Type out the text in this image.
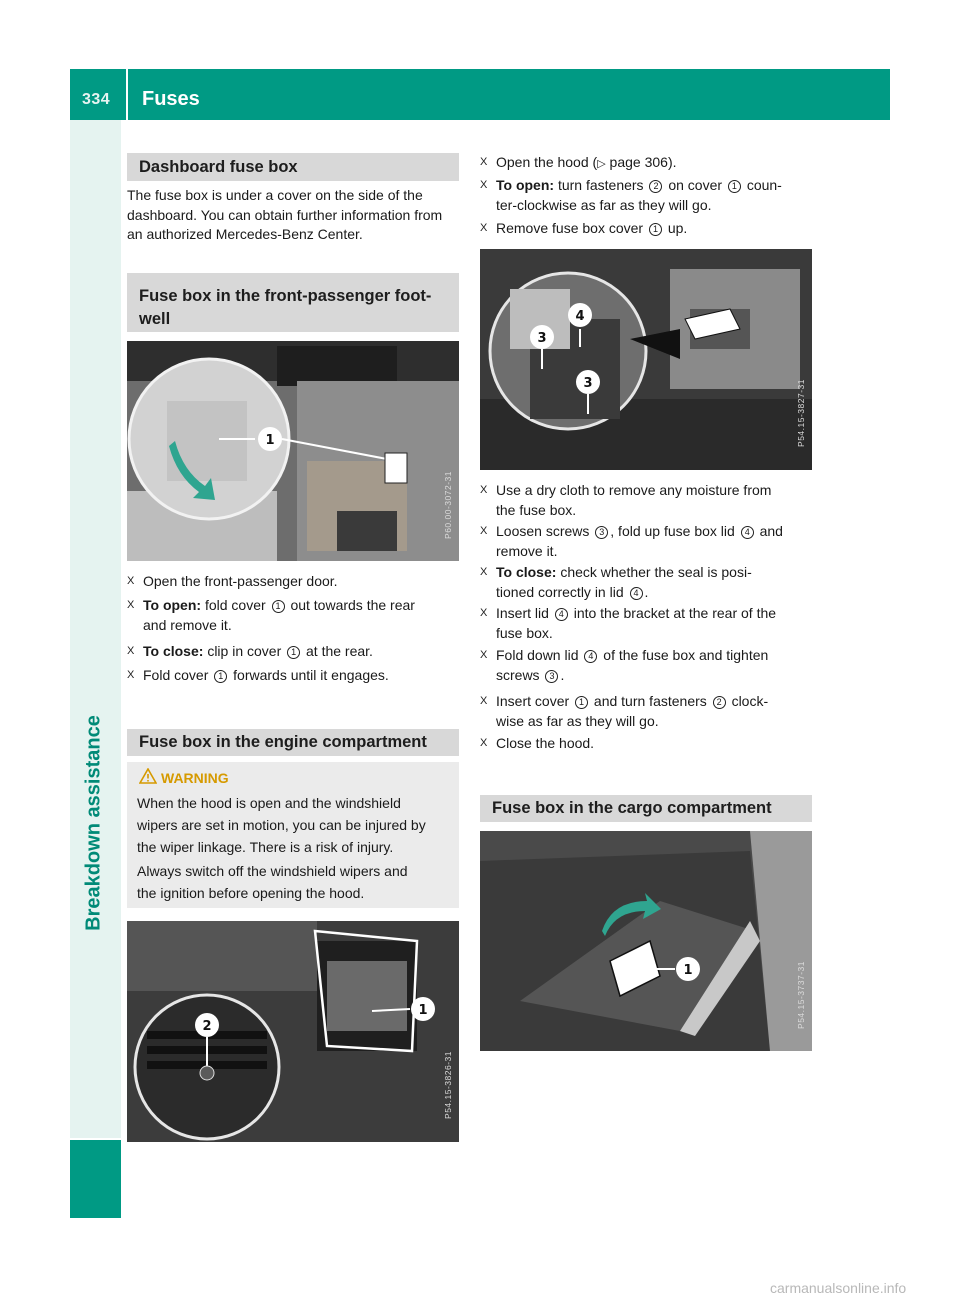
334 Fuses
Breakdown assistance
Dashboard fuse box
The fuse box is under a cover on the side of the dashboard. You can obtain further information from an authorized Mercedes-Benz Center.
Fuse box in the front-passenger foot-
well
1
P60.00-3072-31
X Open the front-passenger door.
X To open: fold cover 1 out towards the rear
and remove it.
X To close: clip in cover 1 at the rear.
X Fold cover 1 forwards until it engages.
Fuse box in the engine compartment
WARNING
When the hood is open and the windshield
wipers are set in motion, you can be injured by
the wiper linkage. There is a risk of injury.
Always switch off the windshield wipers and
the ignition before opening the hood.
2
1
P54.15-3826-31
X Open the hood (▷ page 306).
X To open: turn fasteners 2 on cover 1 coun-
ter-clockwise as far as they will go.
X Remove fuse box cover 1 up.
3
4
3	P54.15-3827-31
X Use a dry cloth to remove any moisture from
the fuse box.
X Loosen screws 3 , fold up fuse box lid 4 and
remove it.
X To close: check whether the seal is posi-
tioned correctly in lid 4 .
X Insert lid 4 into the bracket at the rear of the
fuse box.
X Fold down lid 4 of the fuse box and tighten
screws 3 .
X Insert cover 1 and turn fasteners 2 clock-
wise as far as they will go.
X Close the hood.
Fuse box in the cargo compartment
1	P54.15-3737-31
carmanualsonline.info
